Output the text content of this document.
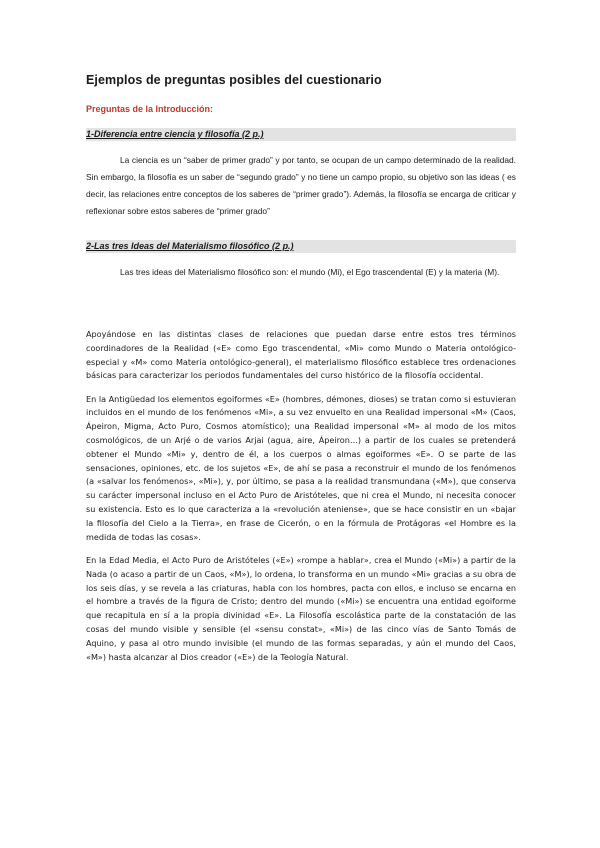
Ejemplos de preguntas posibles del cuestionario
Preguntas de la Introducción:
1-Diferencia entre ciencia y filosofía (2 p.)

La ciencia es un “saber de primer grado” y por tanto, se ocupan de un campo determinado de la realidad. Sin embargo, la filosofía es un saber de “segundo grado” y no tiene un campo propio, su objetivo son las ideas ( es decir, las relaciones entre conceptos de los saberes de “primer grado”). Además, la filosofía se encarga de criticar y reflexionar sobre estos saberes de “primer grado”

2-Las tres Ideas del Materialismo filosófico (2 p.)

Las tres ideas del Materialismo filosófico son: el mundo (Mi), el Ego trascendental (E) y la materia (M).

Apoyándose en las distintas clases de relaciones que puedan darse entre estos tres términos coordinadores de la Realidad («E» como Ego trascendental, «Mi» como Mundo o Materia ontológico-especial y «M» como Materia ontológico-general), el materialismo filosófico establece tres ordenaciones básicas para caracterizar los periodos fundamentales del curso histórico de la filosofía occidental.

En la Antigüedad los elementos egoiformes «E» (hombres, démones, dioses) se tratan como si estuvieran incluidos en el mundo de los fenómenos «Mi», a su vez envuelto en una Realidad impersonal «M» (Caos, Ápeiron, Migma, Acto Puro, Cosmos atomístico); una Realidad impersonal «M» al modo de los mitos cosmológicos, de un Arjé o de varios Arjai (agua, aire, Ápeiron…) a partir de los cuales se pretenderá obtener el Mundo «Mi» y, dentro de él, a los cuerpos o almas egoiformes «E». O se parte de las sensaciones, opiniones, etc. de los sujetos «E», de ahí se pasa a reconstruir el mundo de los fenómenos (a «salvar los fenómenos», «Mi»), y, por último, se pasa a la realidad transmundana («M»), que conserva su carácter impersonal incluso en el Acto Puro de Aristóteles, que ni crea el Mundo, ni necesita conocer su existencia. Esto es lo que caracteriza a la «revolución ateniense», que se hace consistir en un «bajar la filosofía del Cielo a la Tierra», en frase de Cicerón, o en la fórmula de Protágoras «el Hombre es la medida de todas las cosas».

En la Edad Media, el Acto Puro de Aristóteles («E») «rompe a hablar», crea el Mundo («Mi») a partir de la Nada (o acaso a partir de un Caos, «M»), lo ordena, lo transforma en un mundo «Mi» gracias a su obra de los seis días, y se revela a las criaturas, habla con los hombres, pacta con ellos, e incluso se encarna en el hombre a través de la figura de Cristo; dentro del mundo («Mi») se encuentra una entidad egoiforme que recapitula en sí a la propia divinidad «E». La Filosofía escolástica parte de la constatación de las cosas del mundo visible y sensible (el «sensu constat», «Mi») de las cinco vías de Santo Tomás de Aquino, y pasa al otro mundo invisible (el mundo de las formas separadas, y aún el mundo del Caos, «M») hasta alcanzar al Dios creador («E») de la Teología Natural.
